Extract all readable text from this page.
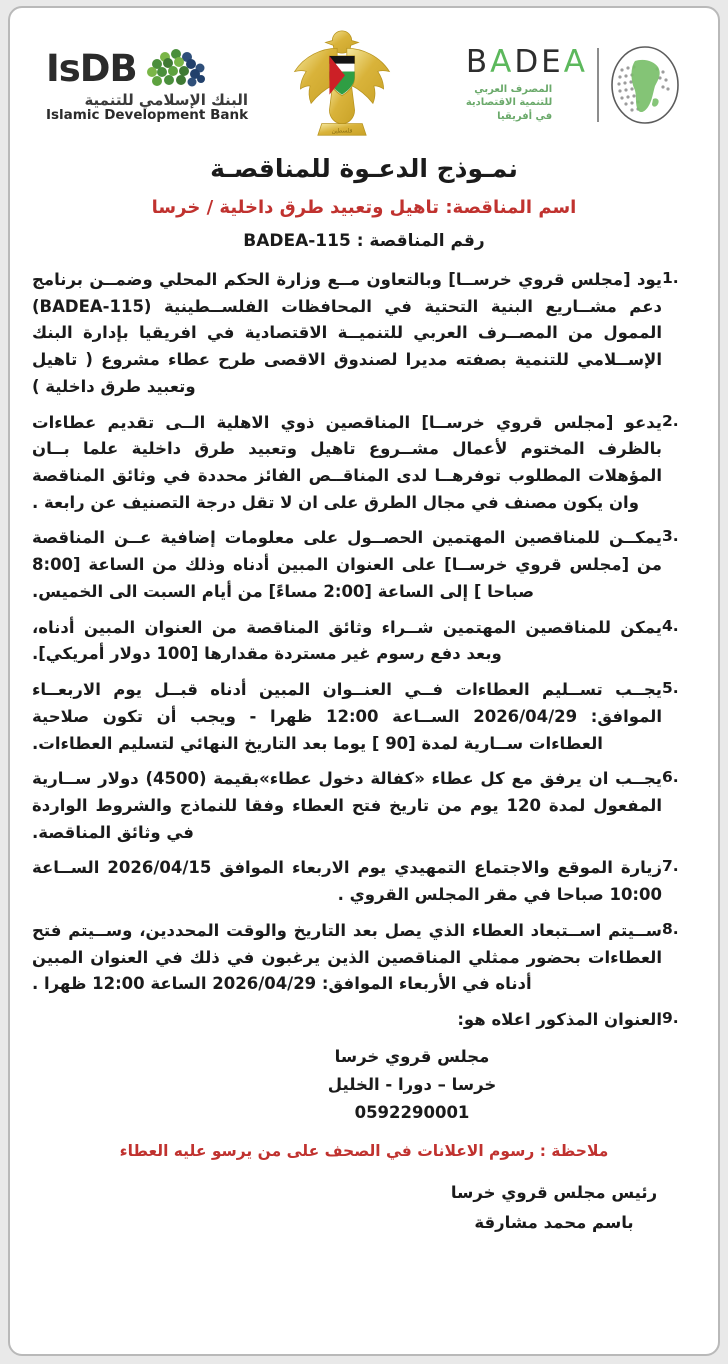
IsDB
البنك الإسلامي للتنمية
Islamic Development Bank
فلسطين
BADEA
المصرف العربي
للتنمية الاقتصادية
في أفريقيا
نمـوذج الدعـوة للمناقصـة
اسم المناقصة: تاهيل وتعبيد طرق داخلية / خرسا
رقم المناقصة : BADEA-115
1.
يود [مجلس قروي خرســا] وبالتعاون مــع وزارة الحكم المحلي وضمــن برنامج دعم مشــاريع البنية التحتية في المحافظات الفلســطينية (BADEA-115) الممول من المصــرف العربي للتنميــة الاقتصادية في افريقيا بإدارة البنك الإســلامي للتنمية بصفته مديرا لصندوق الاقصى طرح عطاء مشروع ( تاهيل وتعبيد طرق داخلية )
2.
يدعو [مجلس قروي خرســا] المناقصين ذوي الاهلية الــى تقديم عطاءات بالظرف المختوم لأعمال مشــروع تاهيل وتعبيد طرق داخلية علما بــان المؤهلات المطلوب توفرهــا لدى المناقــص الفائز محددة في وثائق المناقصة وان يكون مصنف في مجال الطرق على ان لا تقل درجة التصنيف عن رابعة .
3.
يمكــن للمناقصين المهتمين الحصــول على معلومات إضافية عــن المناقصة من [مجلس قروي خرســا] على العنوان المبين أدناه وذلك من الساعة [8:00 صباحا ] إلى الساعة [2:00 مساءً] من أيام السبت الى الخميس.
4.
يمكن للمناقصين المهتمين شــراء وثائق المناقصة من العنوان المبين أدناه، وبعد دفع رسوم غير مستردة مقدارها [100 دولار أمريكي].
5.
يجــب تســليم العطاءات فــي العنــوان المبين أدناه قبــل يوم الاربعــاء الموافق: 2026/04/29 الســاعة 12:00 ظهرا - ويجب أن تكون صلاحية العطاءات ســارية لمدة [90 ] يوما بعد التاريخ النهائي لتسليم العطاءات.
6.
يجــب ان يرفق مع كل عطاء «كفالة دخول عطاء»بقيمة (4500) دولار ســارية المفعول لمدة 120 يوم من تاريخ فتح العطاء وفقا للنماذج والشروط الواردة في وثائق المناقصة.
7.
زيارة الموقع والاجتماع التمهيدي يوم الاربعاء الموافق 2026/04/15 الســاعة 10:00 صباحا في مقر المجلس القروي .
8.
ســيتم اســتبعاد العطاء الذي يصل بعد التاريخ والوقت المحددين، وســيتم فتح العطاءات بحضور ممثلي المناقصين الذين يرغبون في ذلك في العنوان المبين أدناه في الأربعاء الموافق: 2026/04/29 الساعة 12:00 ظهرا .
9.
العنوان المذكور اعلاه هو:
مجلس قروي خرسا
خرسا – دورا - الخليل
0592290001
ملاحظة : رسوم الاعلانات في الصحف على من يرسو عليه العطاء
رئيس مجلس قروي خرسا
باسم محمد مشارقة
